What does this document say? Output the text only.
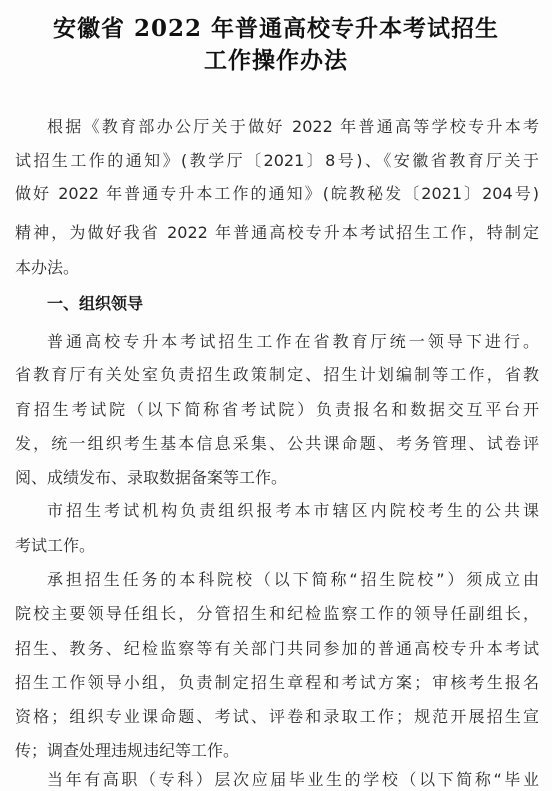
安徽省 2022 年普通高校专升本考试招生
工作操作办法
根据《教育部办公厅关于做好 2022 年普通高等学校专升本考
试招生工作的通知》(教学厅〔2021〕8号)、《安徽省教育厅关于
做好 2022 年普通专升本工作的通知》(皖教秘发〔2021〕204号)
精神，为做好我省 2022 年普通高校专升本考试招生工作，特制定
本办法。
一、组织领导
普通高校专升本考试招生工作在省教育厅统一领导下进行。
省教育厅有关处室负责招生政策制定、招生计划编制等工作，省教
育招生考试院（以下简称省考试院）负责报名和数据交互平台开
发，统一组织考生基本信息采集、公共课命题、考务管理、试卷评
阅、成绩发布、录取数据备案等工作。
市招生考试机构负责组织报考本市辖区内院校考生的公共课
考试工作。
承担招生任务的本科院校（以下简称“招生院校”）须成立由
院校主要领导任组长，分管招生和纪检监察工作的领导任副组长，
招生、教务、纪检监察等有关部门共同参加的普通高校专升本考试
招生工作领导小组，负责制定招生章程和考试方案；审核考生报名
资格；组织专业课命题、考试、评卷和录取工作；规范开展招生宣
传；调查处理违规违纪等工作。
当年有高职（专科）层次应届毕业生的学校（以下简称“毕业
